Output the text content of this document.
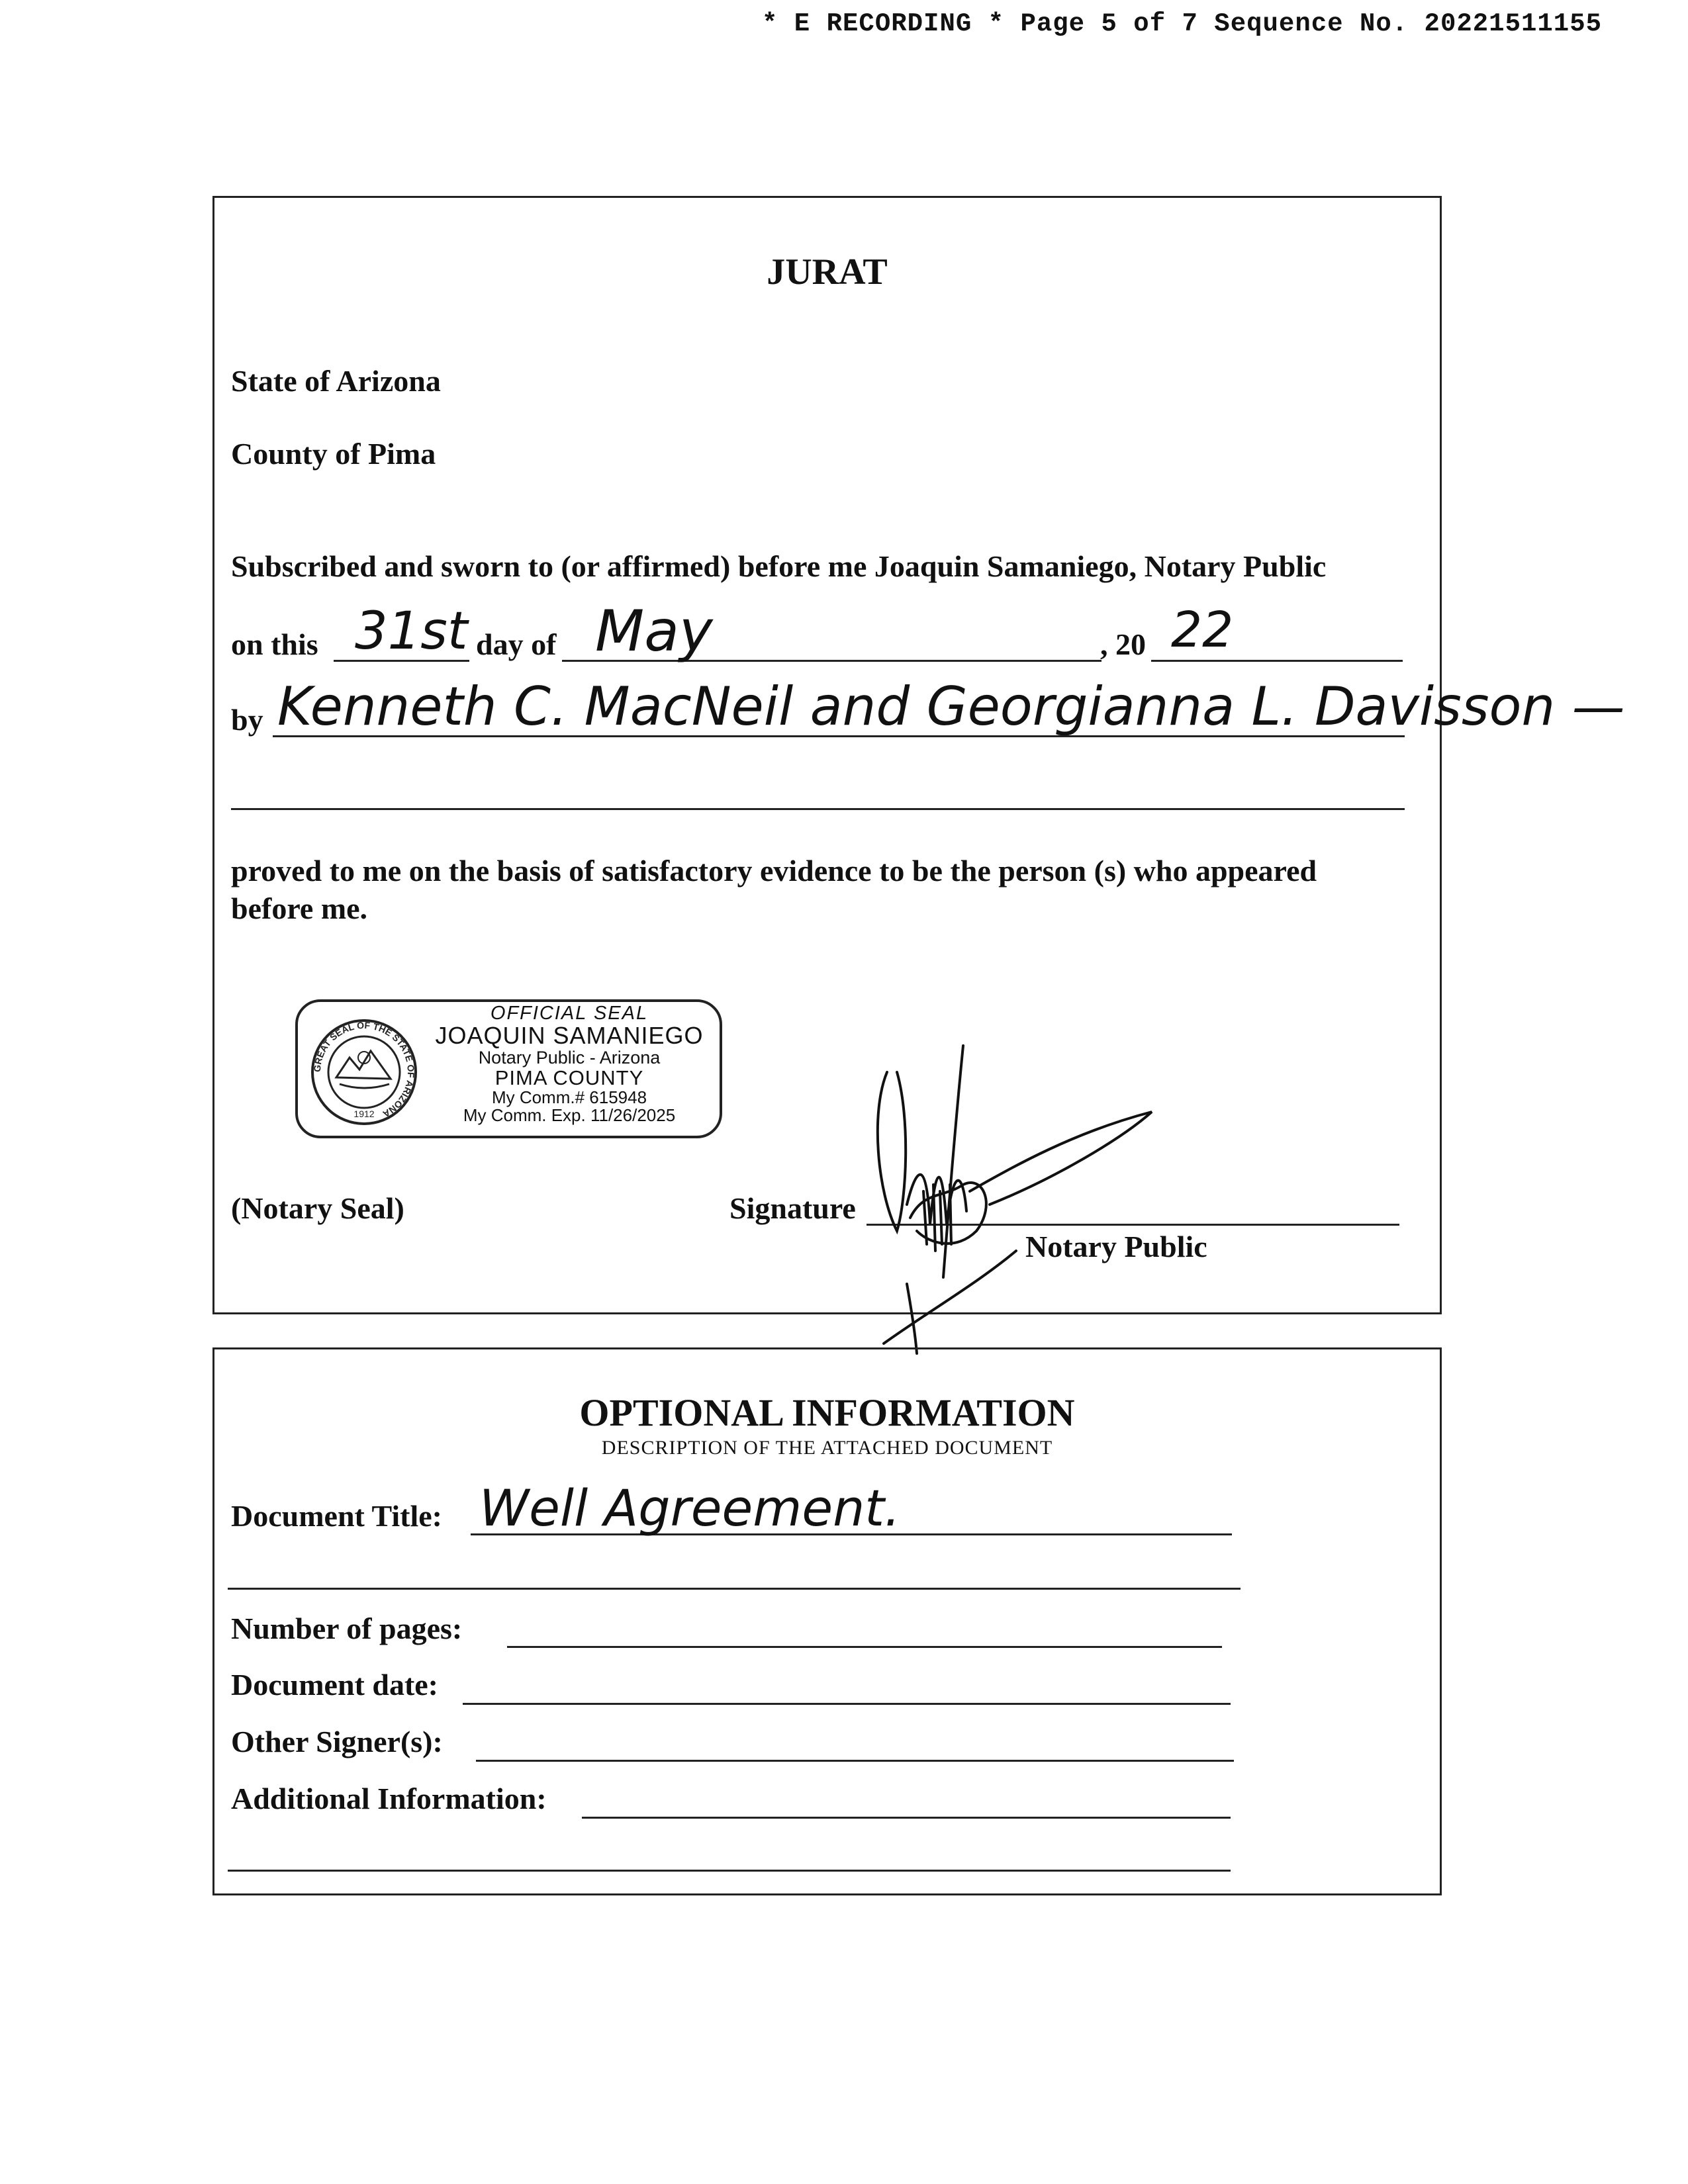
* E RECORDING * Page 5 of 7 Sequence No. 20221511155
JURAT
State of Arizona
County of Pima
Subscribed and sworn to (or affirmed) before me Joaquin Samaniego, Notary Public
on this 31st day of May	, 20 22
by Kenneth C. MacNeil and Georgianna L. Davisson —
proved to me on the basis of satisfactory evidence to be the person (s) who appeared
before me.
(Notary Seal)	Signature
Notary Public
GREAT SEAL OF THE STATE OF ARIZONA
1912
OFFICIAL SEAL
JOAQUIN SAMANIEGO
Notary Public - Arizona
PIMA COUNTY
My Comm.# 615948
My Comm. Exp. 11/26/2025
OPTIONAL INFORMATION
DESCRIPTION OF THE ATTACHED DOCUMENT
Document Title: Well Agreement.
Number of pages:
Document date:
Other Signer(s):
Additional Information:
